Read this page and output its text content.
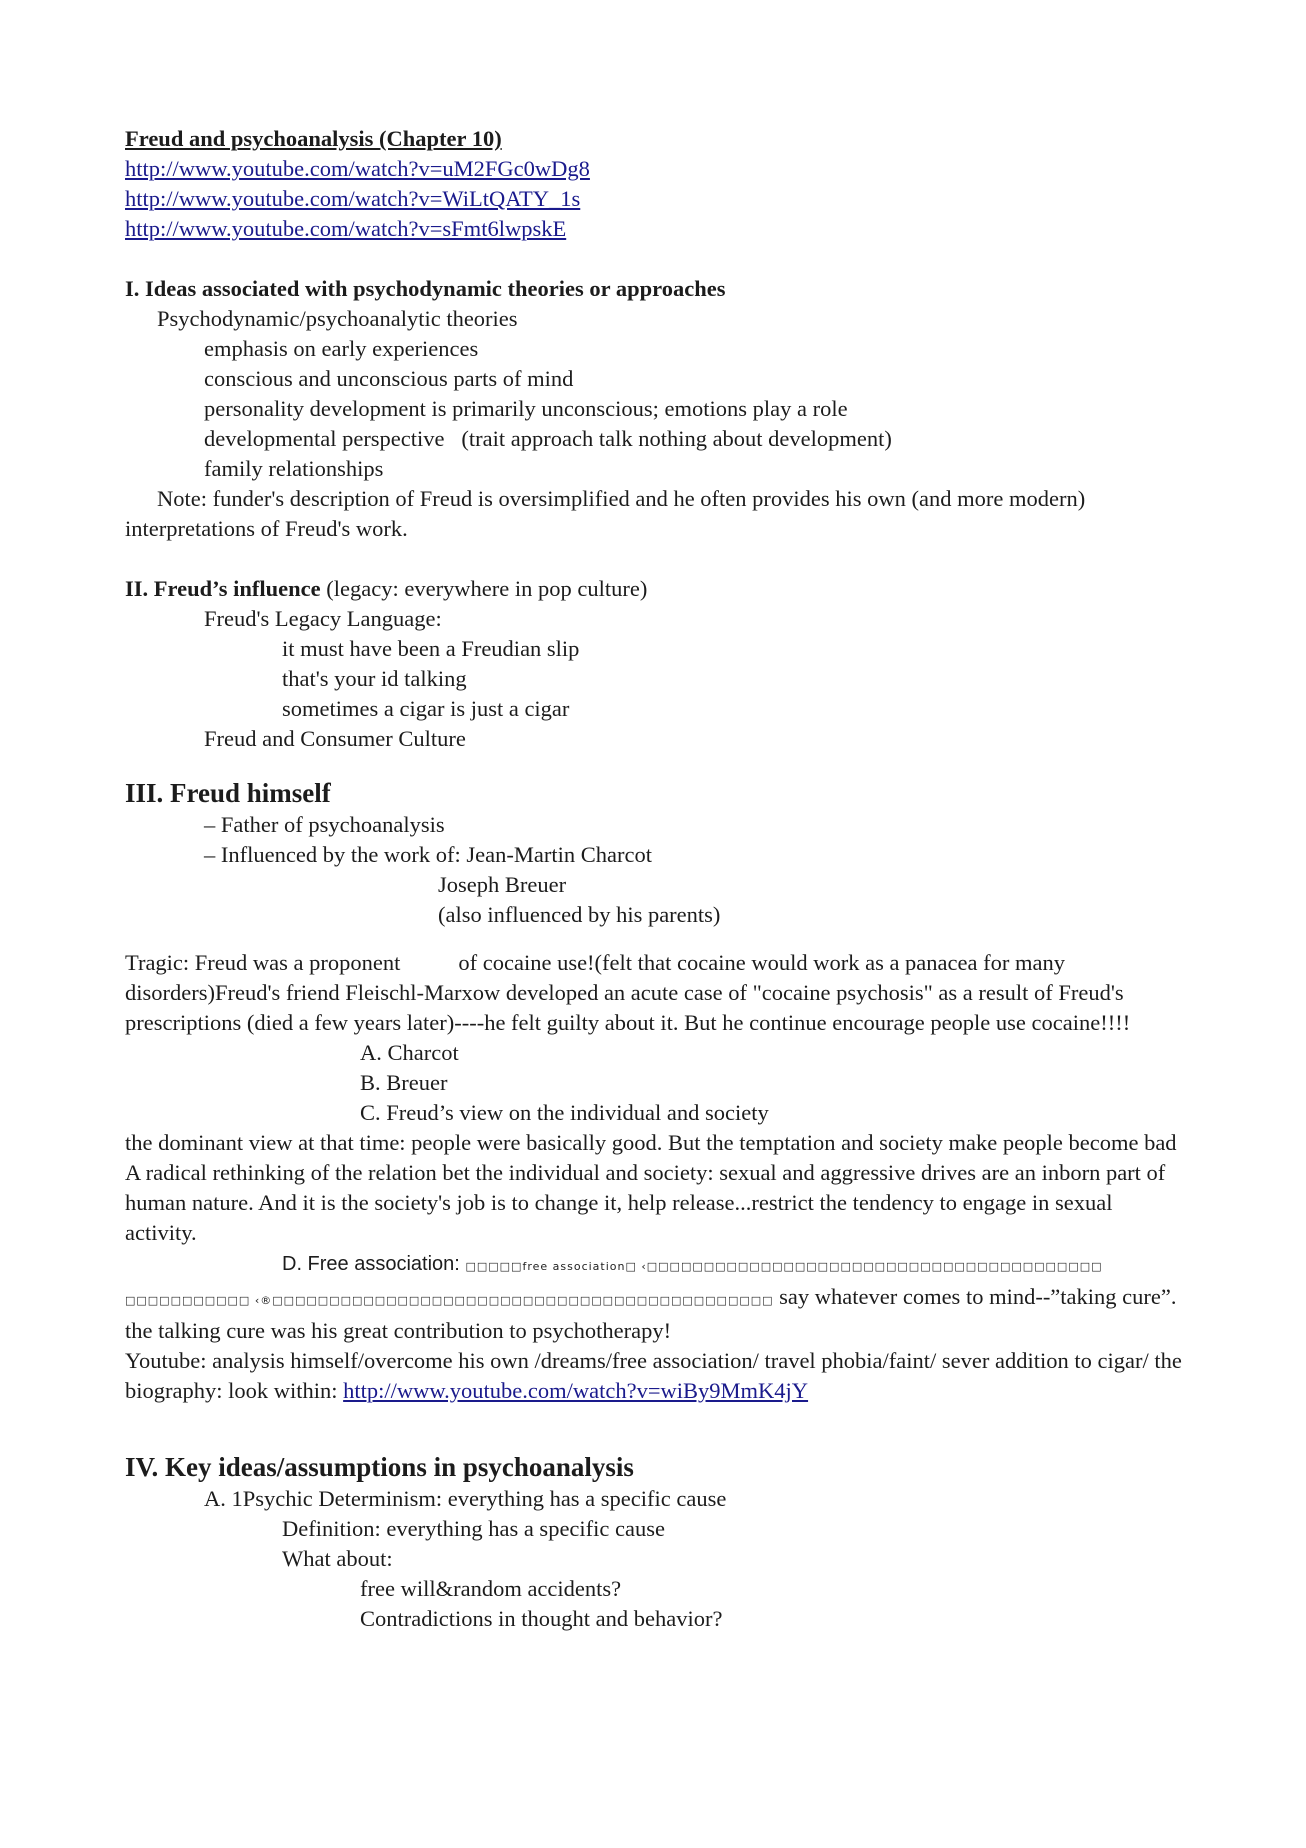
Freud and psychoanalysis (Chapter 10)
http://www.youtube.com/watch?v=uM2FGc0wDg8
http://www.youtube.com/watch?v=WiLtQATY_1s
http://www.youtube.com/watch?v=sFmt6lwpskE
I. Ideas associated with psychodynamic theories or approaches
Psychodynamic/psychoanalytic theories
emphasis on early experiences
conscious and unconscious parts of mind
personality development is primarily unconscious; emotions play a role
developmental perspective   (trait approach talk nothing about development)
family relationships
Note: funder's description of Freud is oversimplified and he often provides his own (and more modern) interpretations of Freud's work.
II. Freud’s influence (legacy: everywhere in pop culture)
Freud's Legacy Language:
it must have been a Freudian slip
that's your id talking
sometimes a cigar is just a cigar
Freud and Consumer Culture
III. Freud himself
– Father of psychoanalysis
– Influenced by the work of: Jean-Martin Charcot
Joseph Breuer
(also influenced by his parents)
Tragic: Freud was a proponent	of cocaine use!(felt that cocaine would work as a panacea for many disorders)Freud's friend Fleischl-Marxow developed an acute case of "cocaine psychosis" as a result of Freud's prescriptions (died a few years later)----he felt guilty about it. But he continue encourage people use cocaine!!!!
A. Charcot
B. Breuer
C. Freud’s view on the individual and society
the dominant view at that time: people were basically good. But the temptation and society make people become bad
A radical rethinking of the relation bet the individual and society: sexual and aggressive drives are an inborn part of human nature. And it is the society's job is to change it, help release...restrict the tendency to engage in sexual activity.
D. Free association: □□□□□free association□ ‹□□□□□□□□□□□□□□□□□□□□□□□□□□□□□□□□□□□□□□□□
□□□□□□□□□□□ ‹®□□□□□□□□□□□□□□□□□□□□□□□□□□□□□□□□□□□□□□□□□□□□ say whatever comes to mind--”taking cure”. the talking cure was his great contribution to psychotherapy!
Youtube: analysis himself/overcome his own /dreams/free association/ travel phobia/faint/ sever addition to cigar/ the biography: look within: http://www.youtube.com/watch?v=wiBy9MmK4jY
IV. Key ideas/assumptions in psychoanalysis
A. 1Psychic Determinism: everything has a specific cause
Definition: everything has a specific cause
What about:
free will&random accidents?
Contradictions in thought and behavior?
